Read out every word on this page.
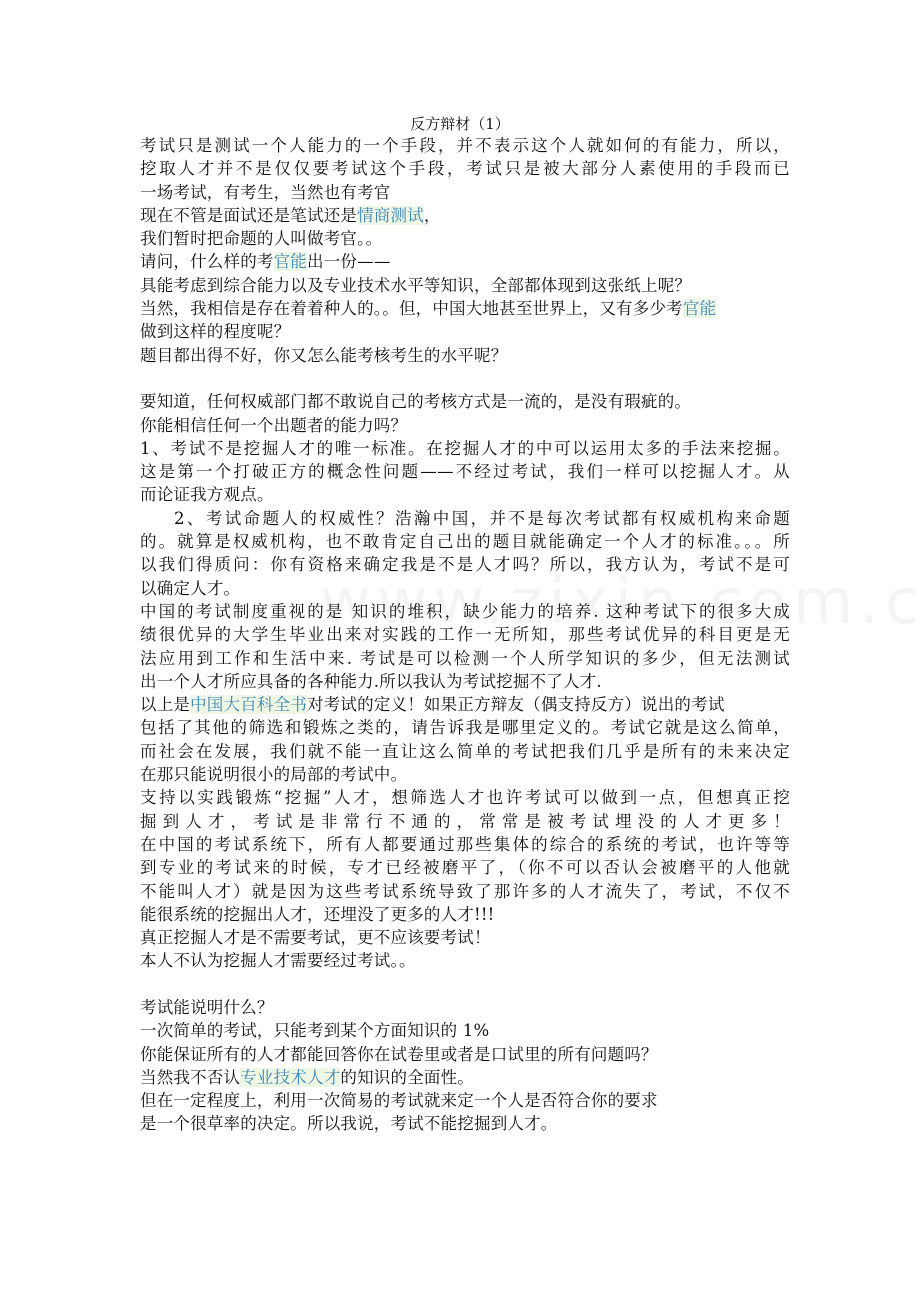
反方辩材（1）
考试只是测试一个人能力的一个手段，并不表示这个人就如何的有能力，所以，
挖取人才并不是仅仅要考试这个手段，考试只是被大部分人素使用的手段而已
一场考试，有考生，当然也有考官
现在不管是面试还是笔试还是情商测试，
我们暂时把命题的人叫做考官。。
请问，什么样的考官能出一份——
具能考虑到综合能力以及专业技术水平等知识，全部都体现到这张纸上呢？
当然，我相信是存在着着种人的。。但，中国大地甚至世界上，又有多少考官能
做到这样的程度呢？
题目都出得不好，你又怎么能考核考生的水平呢？
要知道，任何权威部门都不敢说自己的考核方式是一流的，是没有瑕疵的。
你能相信任何一个出题者的能力吗？
1、考试不是挖掘人才的唯一标准。在挖掘人才的中可以运用太多的手法来挖掘。
这是第一个打破正方的概念性问题——不经过考试，我们一样可以挖掘人才。从
而论证我方观点。
2、考试命题人的权威性？浩瀚中国，并不是每次考试都有权威机构来命题
的。就算是权威机构，也不敢肯定自己出的题目就能确定一个人才的标准。。。所
以我们得质问：你有资格来确定我是不是人才吗？所以，我方认为，考试不是可
以确定人才。
中国的考试制度重视的是 知识的堆积，缺少能力的培养. 这种考试下的很多大成
绩很优异的大学生毕业出来对实践的工作一无所知，那些考试优异的科目更是无
法应用到工作和生活中来. 考试是可以检测一个人所学知识的多少，但无法测试
出一个人才所应具备的各种能力.所以我认为考试挖掘不了人才.
以上是中国大百科全书对考试的定义！如果正方辩友（偶支持反方）说出的考试
包括了其他的筛选和锻炼之类的，请告诉我是哪里定义的。考试它就是这么简单，
而社会在发展，我们就不能一直让这么简单的考试把我们几乎是所有的未来决定
在那只能说明很小的局部的考试中。
支持以实践锻炼“挖掘”人才，想筛选人才也许考试可以做到一点，但想真正挖
掘到人才，考试是非常行不通的，常常是被考试埋没的人才更多！
在中国的考试系统下，所有人都要通过那些集体的综合的系统的考试，也许等等
到专业的考试来的时候，专才已经被磨平了，（你不可以否认会被磨平的人他就
不能叫人才）就是因为这些考试系统导致了那许多的人才流失了，考试，不仅不
能很系统的挖掘出人才，还埋没了更多的人才!!!
真正挖掘人才是不需要考试，更不应该要考试！
本人不认为挖掘人才需要经过考试。。
考试能说明什么？
一次简单的考试，只能考到某个方面知识的 1%
你能保证所有的人才都能回答你在试卷里或者是口试里的所有问题吗？
当然我不否认专业技术人才的知识的全面性。
但在一定程度上，利用一次简易的考试就来定一个人是否符合你的要求
是一个很草率的决定。所以我说，考试不能挖掘到人才。
